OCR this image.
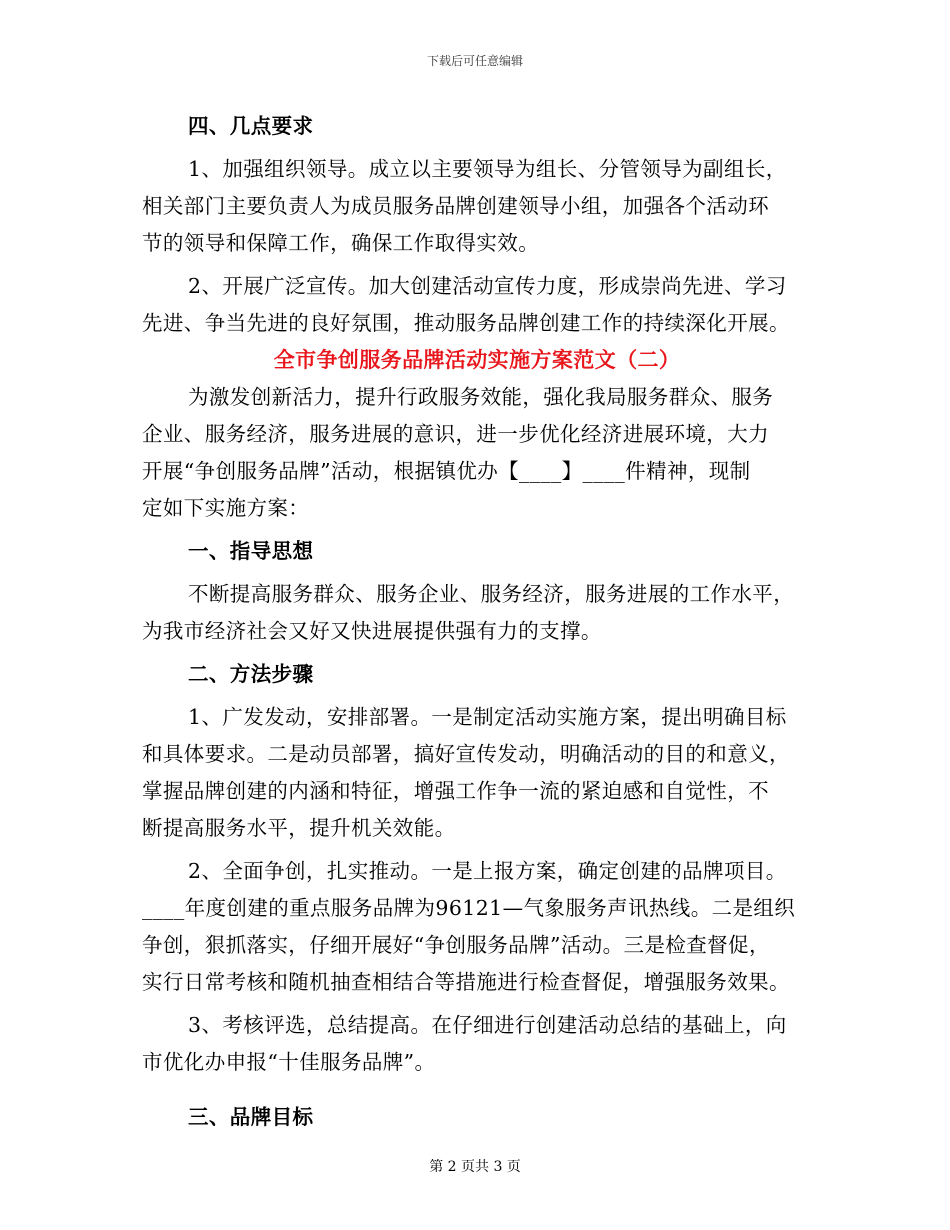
下载后可任意编辑
四、几点要求
1、加强组织领导。成立以主要领导为组长、分管领导为副组长，
相关部门主要负责人为成员服务品牌创建领导小组，加强各个活动环
节的领导和保障工作，确保工作取得实效。
2、开展广泛宣传。加大创建活动宣传力度，形成崇尚先进、学习
先进、争当先进的良好氛围，推动服务品牌创建工作的持续深化开展。
全市争创服务品牌活动实施方案范文（二）
为激发创新活力，提升行政服务效能，强化我局服务群众、服务
企业、服务经济，服务进展的意识，进一步优化经济进展环境，大力
开展“争创服务品牌”活动，根据镇优办【____】____件精神，现制
定如下实施方案：
一、指导思想
不断提高服务群众、服务企业、服务经济，服务进展的工作水平，
为我市经济社会又好又快进展提供强有力的支撑。
二、方法步骤
1、广发发动，安排部署。一是制定活动实施方案，提出明确目标
和具体要求。二是动员部署，搞好宣传发动，明确活动的目的和意义，
掌握品牌创建的内涵和特征，增强工作争一流的紧迫感和自觉性，不
断提高服务水平，提升机关效能。
2、全面争创，扎实推动。一是上报方案，确定创建的品牌项目。
____年度创建的重点服务品牌为96121—气象服务声讯热线。二是组织
争创，狠抓落实，仔细开展好“争创服务品牌”活动。三是检查督促，
实行日常考核和随机抽查相结合等措施进行检查督促，增强服务效果。
3、考核评选，总结提高。在仔细进行创建活动总结的基础上，向
市优化办申报“十佳服务品牌”。
三、品牌目标
第 2 页共 3 页
